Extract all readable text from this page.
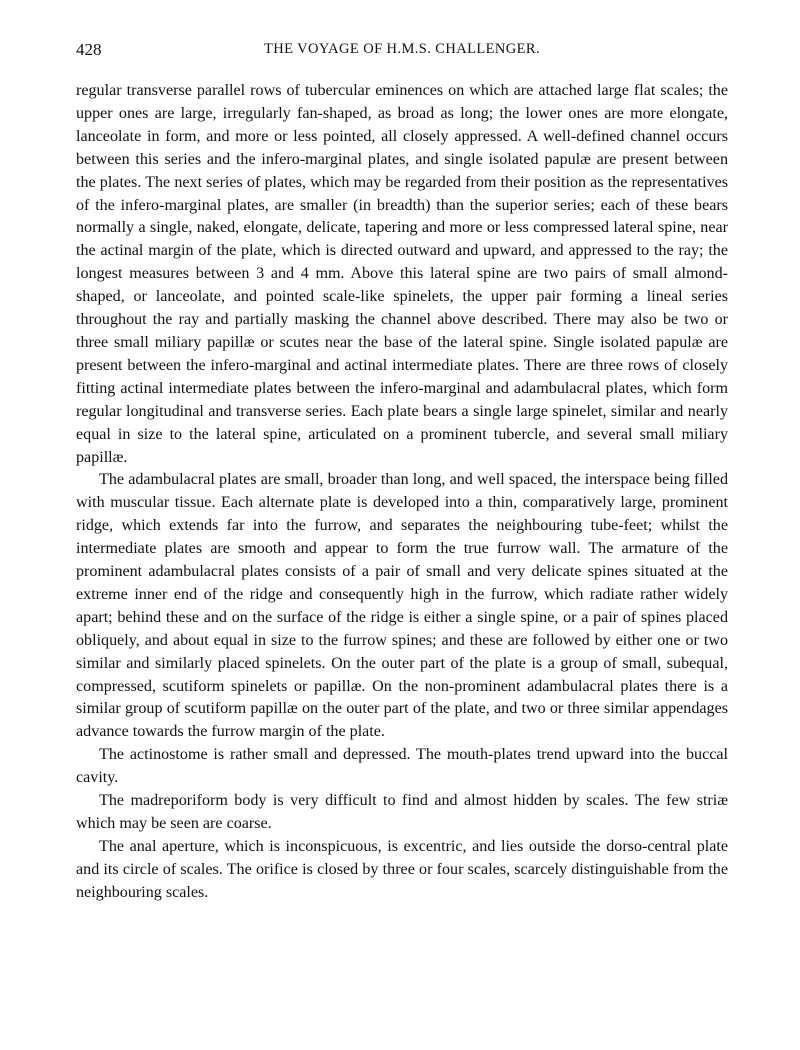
428	THE VOYAGE OF H.M.S. CHALLENGER.

regular transverse parallel rows of tubercular eminences on which are attached large flat scales; the upper ones are large, irregularly fan-shaped, as broad as long; the lower ones are more elongate, lanceolate in form, and more or less pointed, all closely appressed. A well-defined channel occurs between this series and the infero-marginal plates, and single isolated papulæ are present between the plates. The next series of plates, which may be regarded from their position as the representatives of the infero-marginal plates, are smaller (in breadth) than the superior series; each of these bears normally a single, naked, elongate, delicate, tapering and more or less compressed lateral spine, near the actinal margin of the plate, which is directed outward and upward, and appressed to the ray; the longest measures between 3 and 4 mm. Above this lateral spine are two pairs of small almond-shaped, or lanceolate, and pointed scale-like spinelets, the upper pair forming a lineal series throughout the ray and partially masking the channel above described. There may also be two or three small miliary papillæ or scutes near the base of the lateral spine. Single isolated papulæ are present between the infero-marginal and actinal intermediate plates. There are three rows of closely fitting actinal intermediate plates between the infero-marginal and adambulacral plates, which form regular longitudinal and transverse series. Each plate bears a single large spinelet, similar and nearly equal in size to the lateral spine, articulated on a prominent tubercle, and several small miliary papillæ.

The adambulacral plates are small, broader than long, and well spaced, the interspace being filled with muscular tissue. Each alternate plate is developed into a thin, comparatively large, prominent ridge, which extends far into the furrow, and separates the neighbouring tube-feet; whilst the intermediate plates are smooth and appear to form the true furrow wall. The armature of the prominent adambulacral plates consists of a pair of small and very delicate spines situated at the extreme inner end of the ridge and consequently high in the furrow, which radiate rather widely apart; behind these and on the surface of the ridge is either a single spine, or a pair of spines placed obliquely, and about equal in size to the furrow spines; and these are followed by either one or two similar and similarly placed spinelets. On the outer part of the plate is a group of small, subequal, compressed, scutiform spinelets or papillæ. On the non-prominent adambulacral plates there is a similar group of scutiform papillæ on the outer part of the plate, and two or three similar appendages advance towards the furrow margin of the plate.

The actinostome is rather small and depressed. The mouth-plates trend upward into the buccal cavity.

The madreporiform body is very difficult to find and almost hidden by scales. The few striæ which may be seen are coarse.

The anal aperture, which is inconspicuous, is excentric, and lies outside the dorso-central plate and its circle of scales. The orifice is closed by three or four scales, scarcely distinguishable from the neighbouring scales.
